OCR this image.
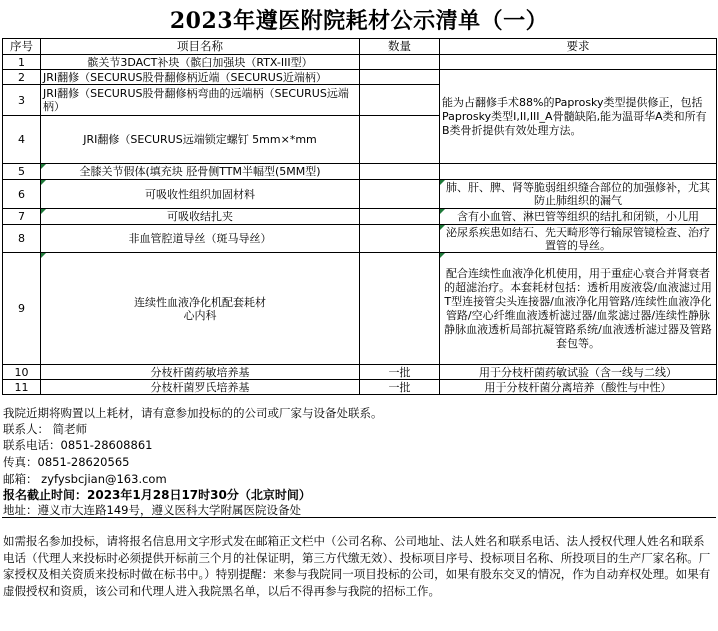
2023年遵医附院耗材公示清单（一）
序号	项目名称	数量	要求
1	髌关节3DACT补块（髌臼加强块（RTX-III型）		
2	JRI翻修（SECURUS股骨翻修柄近端（SECURUS近端柄）		能为占翻修手术88%的Paprosky类型提供修正，包括Paprosky类型I,II,III_A骨髓缺陷,能为温哥华A类和所有B类骨折提供有效处理方法。
3	JRI翻修（SECURUS股骨翻修柄弯曲的远端柄（SECURUS远端柄）		
4	JRI翻修（SECURUS远端锁定螺钉 5mm×*mm		
5	全膝关节假体(填充块 胫骨侧TTM半幅型(5MM型)		
6	可吸收性组织加固材料		肺、肝、脾、肾等脆弱组织缝合部位的加强修补，尤其防止肺组织的漏气
7	可吸收结扎夹		含有小血管、淋巴管等组织的结扎和闭锁，小儿用
8	非血管腔道导丝（斑马导丝）		泌尿系疾患如结石、先天畸形等行输尿管镜检查、治疗置管的导丝。
9	连续性血液净化机配套耗材
心内科		配合连续性血液净化机使用，用于重症心衰合并肾衰者的超滤治疗。本套耗材包括：透析用废液袋/血液滤过用T型连接管尖头连接器/血液净化用管路/连续性血液净化管路/空心纤维血液透析滤过器/血浆滤过器/连续性静脉静脉血液透析局部抗凝管路系统/血液透析滤过器及管路套包等。
10	分枝杆菌药敏培养基	一批	用于分枝杆菌药敏试验（含一线与二线）
11	分枝杆菌罗氏培养基	一批	用于分枝杆菌分离培养（酸性与中性）
我院近期将购置以上耗材，请有意参加投标的的公司或厂家与设备处联系。
联系人： 简老师
联系电话：0851-28608861
传真：0851-28620565
邮箱： zyfysbcjian@163.com
报名截止时间：2023年1月28日17时30分（北京时间）
地址：遵义市大连路149号，遵义医科大学附属医院设备处
如需报名参加投标，请将报名信息用文字形式发在邮箱正文栏中（公司名称、公司地址、法人姓名和联系电话、法人授权代理人姓名和联系电话（代理人来投标时必须提供开标前三个月的社保证明，第三方代缴无效）、投标项目序号、投标项目名称、所投项目的生产厂家名称。厂家授权及相关资质来投标时做在标书中。）特别提醒：来参与我院同一项目投标的公司，如果有股东交叉的情况，作为自动弃权处理。如果有虚假授权和资质，该公司和代理人进入我院黑名单，以后不得再参与我院的招标工作。
